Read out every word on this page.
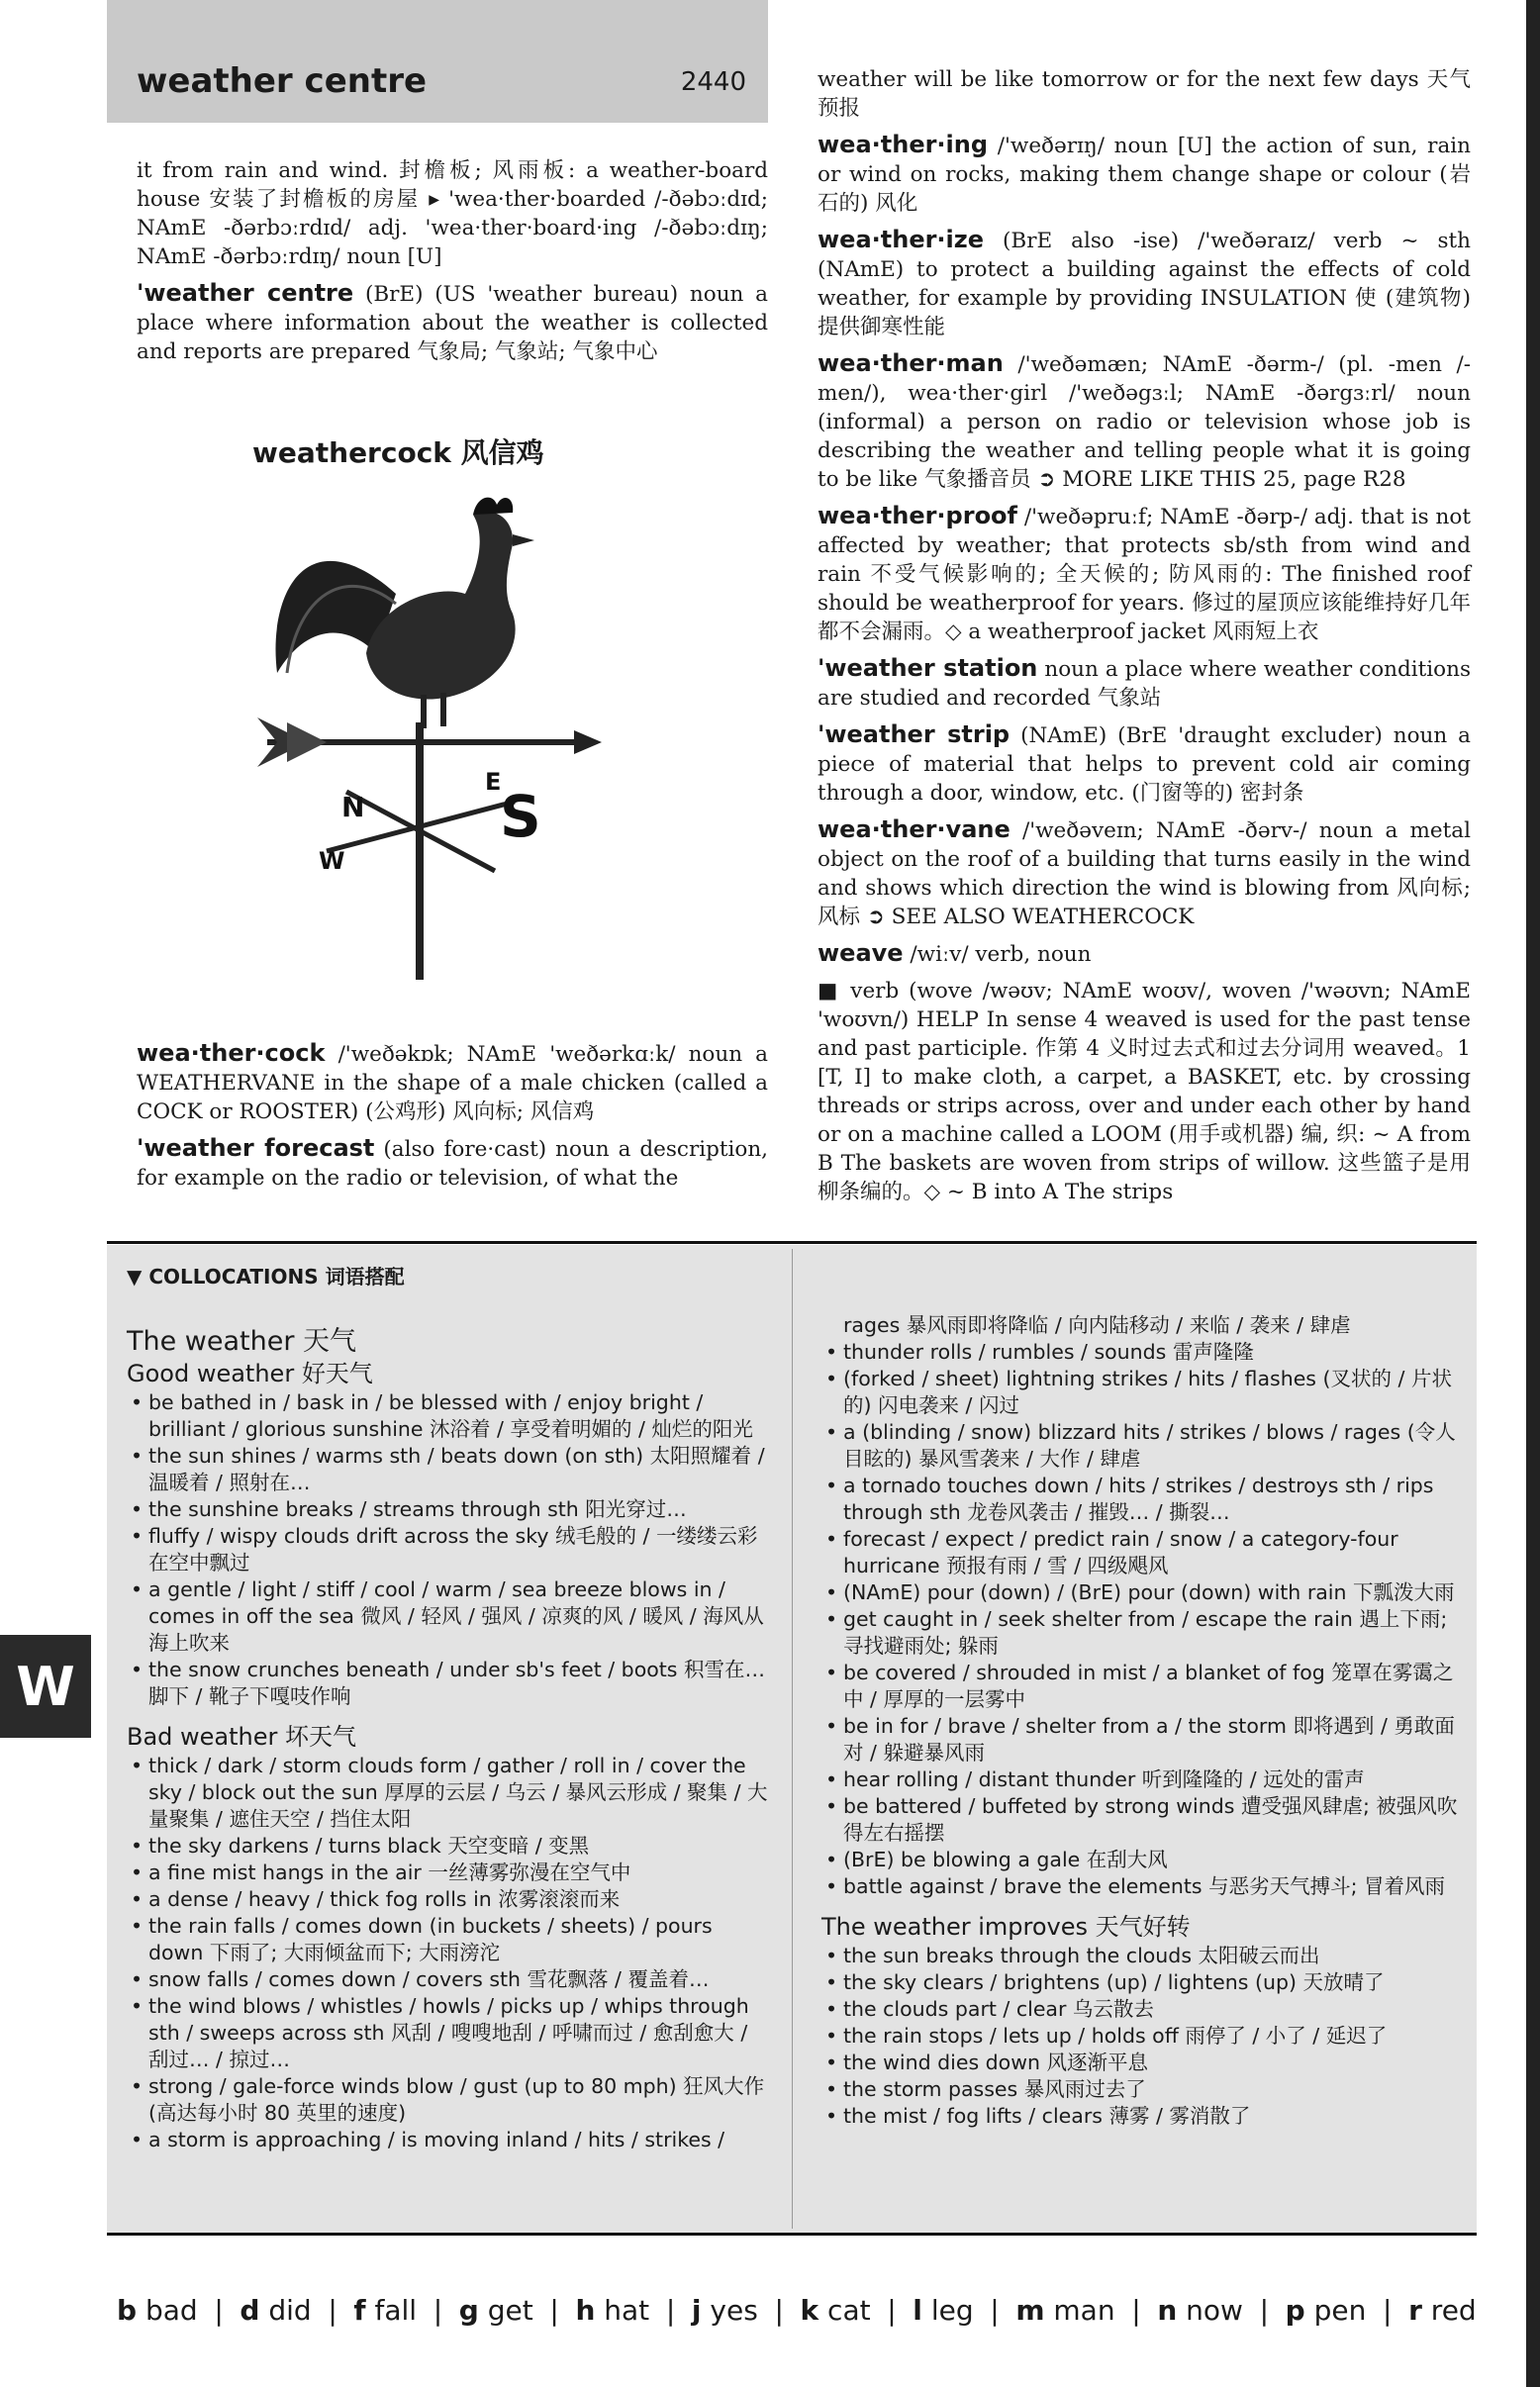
weather centre	2440

it from rain and wind. 封檐板; 风雨板: a weather-board house 安装了封檐板的房屋 ▸ 'wea·ther·boarded /-ðəbɔːdɪd; NAmE -ðərbɔːrdɪd/ adj. 'wea·ther·board·ing /-ðəbɔːdɪŋ; NAmE -ðərbɔːrdɪŋ/ noun [U]

'weather centre (BrE) (US 'weather bureau) noun a place where information about the weather is collected and reports are prepared 气象局; 气象站; 气象中心

weathercock 风信鸡
S
N
W
E

wea·ther·cock /'weðəkɒk; NAmE 'weðərkɑːk/ noun a WEATHERVANE in the shape of a male chicken (called a COCK or ROOSTER) (公鸡形) 风向标; 风信鸡

'weather forecast (also fore·cast) noun a description, for example on the radio or television, of what the

weather will be like tomorrow or for the next few days 天气预报

wea·ther·ing /'weðərɪŋ/ noun [U] the action of sun, rain or wind on rocks, making them change shape or colour (岩石的) 风化

wea·ther·ize (BrE also -ise) /'weðəraɪz/ verb ~ sth (NAmE) to protect a building against the effects of cold weather, for example by providing INSULATION 使 (建筑物) 提供御寒性能

wea·ther·man /'weðəmæn; NAmE -ðərm-/ (pl. -men /-men/), wea·ther·girl /'weðəgɜːl; NAmE -ðərgɜːrl/ noun (informal) a person on radio or television whose job is describing the weather and telling people what it is going to be like 气象播音员 ➲ MORE LIKE THIS 25, page R28

wea·ther·proof /'weðəpruːf; NAmE -ðərp-/ adj. that is not affected by weather; that protects sb/sth from wind and rain 不受气候影响的; 全天候的; 防风雨的: The finished roof should be weatherproof for years. 修过的屋顶应该能维持好几年都不会漏雨。◇ a weatherproof jacket 风雨短上衣

'weather station noun a place where weather conditions are studied and recorded 气象站

'weather strip (NAmE) (BrE 'draught excluder) noun a piece of material that helps to prevent cold air coming through a door, window, etc. (门窗等的) 密封条

wea·ther·vane /'weðəveɪn; NAmE -ðərv-/ noun a metal object on the roof of a building that turns easily in the wind and shows which direction the wind is blowing from 风向标; 风标 ➲ SEE ALSO WEATHERCOCK

weave /wiːv/ verb, noun

■ verb (wove /wəʊv; NAmE woʊv/, woven /'wəʊvn; NAmE 'woʊvn/) HELP In sense 4 weaved is used for the past tense and past participle. 作第 4 义时过去式和过去分词用 weaved。1 [T, I] to make cloth, a carpet, a BASKET, etc. by crossing threads or strips across, over and under each other by hand or on a machine called a LOOM (用手或机器) 编, 织: ~ A from B The baskets are woven from strips of willow. 这些篮子是用柳条编的。◇ ~ B into A The strips

▼ COLLOCATIONS 词语搭配
The weather 天气
Good weather 好天气
• be bathed in / bask in / be blessed with / enjoy bright / brilliant / glorious sunshine 沐浴着 / 享受着明媚的 / 灿烂的阳光
• the sun shines / warms sth / beats down (on sth) 太阳照耀着 / 温暖着 / 照射在…
• the sunshine breaks / streams through sth 阳光穿过…
• fluffy / wispy clouds drift across the sky 绒毛般的 / 一缕缕云彩在空中飘过
• a gentle / light / stiff / cool / warm / sea breeze blows in / comes in off the sea 微风 / 轻风 / 强风 / 凉爽的风 / 暖风 / 海风从海上吹来
• the snow crunches beneath / under sb's feet / boots 积雪在…脚下 / 靴子下嘎吱作响
Bad weather 坏天气
• thick / dark / storm clouds form / gather / roll in / cover the sky / block out the sun 厚厚的云层 / 乌云 / 暴风云形成 / 聚集 / 大量聚集 / 遮住天空 / 挡住太阳
• the sky darkens / turns black 天空变暗 / 变黑
• a fine mist hangs in the air 一丝薄雾弥漫在空气中
• a dense / heavy / thick fog rolls in 浓雾滚滚而来
• the rain falls / comes down (in buckets / sheets) / pours down 下雨了; 大雨倾盆而下; 大雨滂沱
• snow falls / comes down / covers sth 雪花飘落 / 覆盖着…
• the wind blows / whistles / howls / picks up / whips through sth / sweeps across sth 风刮 / 嗖嗖地刮 / 呼啸而过 / 愈刮愈大 / 刮过… / 掠过…
• strong / gale-force winds blow / gust (up to 80 mph) 狂风大作 (高达每小时 80 英里的速度)
• a storm is approaching / is moving inland / hits / strikes /
rages 暴风雨即将降临 / 向内陆移动 / 来临 / 袭来 / 肆虐
• thunder rolls / rumbles / sounds 雷声隆隆
• (forked / sheet) lightning strikes / hits / flashes (叉状的 / 片状的) 闪电袭来 / 闪过
• a (blinding / snow) blizzard hits / strikes / blows / rages (令人目眩的) 暴风雪袭来 / 大作 / 肆虐
• a tornado touches down / hits / strikes / destroys sth / rips through sth 龙卷风袭击 / 摧毁… / 撕裂…
• forecast / expect / predict rain / snow / a category-four hurricane 预报有雨 / 雪 / 四级飓风
• (NAmE) pour (down) / (BrE) pour (down) with rain 下瓢泼大雨
• get caught in / seek shelter from / escape the rain 遇上下雨; 寻找避雨处; 躲雨
• be covered / shrouded in mist / a blanket of fog 笼罩在雾霭之中 / 厚厚的一层雾中
• be in for / brave / shelter from a / the storm 即将遇到 / 勇敢面对 / 躲避暴风雨
• hear rolling / distant thunder 听到隆隆的 / 远处的雷声
• be battered / buffeted by strong winds 遭受强风肆虐; 被强风吹得左右摇摆
• (BrE) be blowing a gale 在刮大风
• battle against / brave the elements 与恶劣天气搏斗; 冒着风雨
The weather improves 天气好转
• the sun breaks through the clouds 太阳破云而出
• the sky clears / brightens (up) / lightens (up) 天放晴了
• the clouds part / clear 乌云散去
• the rain stops / lets up / holds off 雨停了 / 小了 / 延迟了
• the wind dies down 风逐渐平息
• the storm passes 暴风雨过去了
• the mist / fog lifts / clears 薄雾 / 雾消散了
W
b bad | d did | f fall | g get | h hat | j yes | k cat | l leg | m man | n now | p pen | r red
